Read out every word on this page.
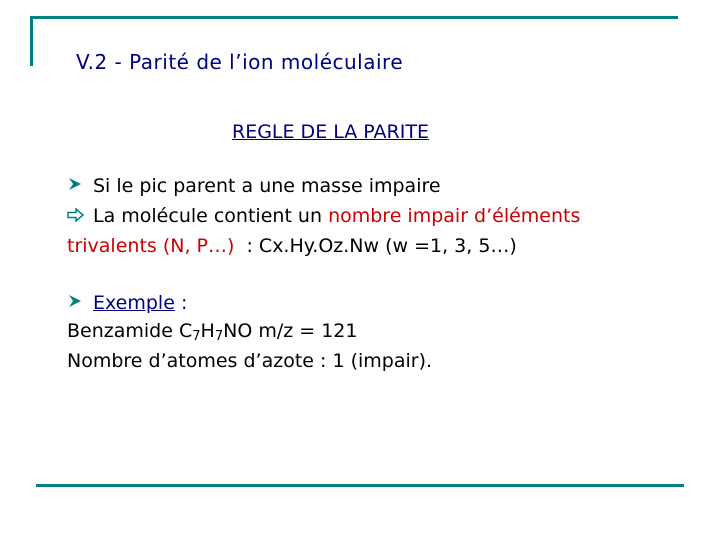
V.2 - Parité de l’ion moléculaire
REGLE DE LA PARITE
Si le pic parent a une masse impaire
La molécule contient un nombre impair d’éléments
trivalents (N, P…)  : Cx.Hy.Oz.Nw (w =1, 3, 5…)
Exemple :
Benzamide $C_7H_7NO$ m/z = 121
Nombre d’atomes d’azote : 1 (impair).
